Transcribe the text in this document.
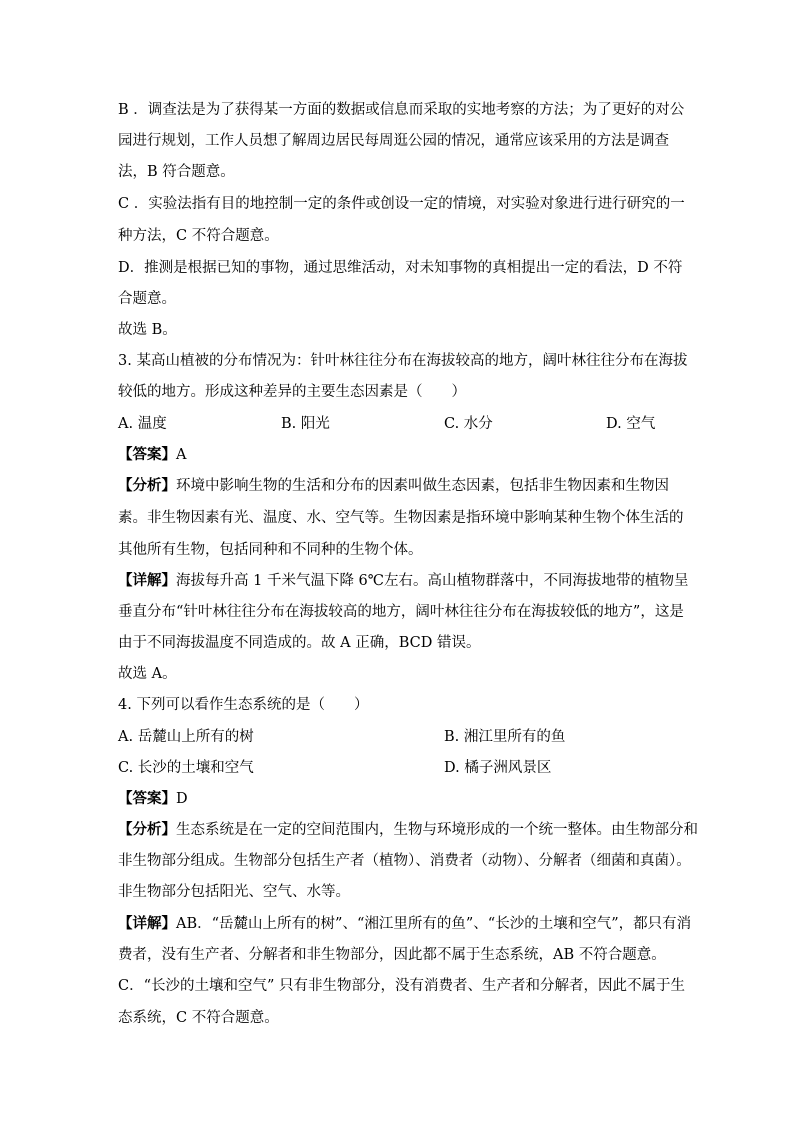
B ．调查法是为了获得某一方面的数据或信息而采取的实地考察的方法；为了更好的对公
园进行规划，工作人员想了解周边居民每周逛公园的情况，通常应该采用的方法是调查
法，B 符合题意。
C ．实验法指有目的地控制一定的条件或创设一定的情境，对实验对象进行进行研究的一
种方法，C 不符合题意。
D．推测是根据已知的事物，通过思维活动，对未知事物的真相提出一定的看法，D 不符
合题意。
故选 B。
3. 某高山植被的分布情况为：针叶林往往分布在海拔较高的地方，阔叶林往往分布在海拔
较低的地方。形成这种差异的主要生态因素是（　　）
A. 温度	B. 阳光	C. 水分	D. 空气
【答案】A
【分析】环境中影响生物的生活和分布的因素叫做生态因素，包括非生物因素和生物因
素。非生物因素有光、温度、水、空气等。生物因素是指环境中影响某种生物个体生活的
其他所有生物，包括同种和不同种的生物个体。
【详解】海拔每升高 1 千米气温下降 6℃左右。高山植物群落中，不同海拔地带的植物呈
垂直分布“针叶林往往分布在海拔较高的地方，阔叶林往往分布在海拔较低的地方”，这是
由于不同海拔温度不同造成的。故 A 正确，BCD 错误。
故选 A。
4. 下列可以看作生态系统的是（　　）
A. 岳麓山上所有的树	B. 湘江里所有的鱼
C. 长沙的土壤和空气	D. 橘子洲风景区
【答案】D
【分析】生态系统是在一定的空间范围内，生物与环境形成的一个统一整体。由生物部分和
非生物部分组成。生物部分包括生产者（植物）、消费者（动物）、分解者（细菌和真菌）。
非生物部分包括阳光、空气、水等。
【详解】AB．“岳麓山上所有的树”、“湘江里所有的鱼”、“长沙的土壤和空气”，都只有消
费者，没有生产者、分解者和非生物部分，因此都不属于生态系统，AB 不符合题意。
C．“长沙的土壤和空气” 只有非生物部分，没有消费者、生产者和分解者，因此不属于生
态系统，C 不符合题意。
